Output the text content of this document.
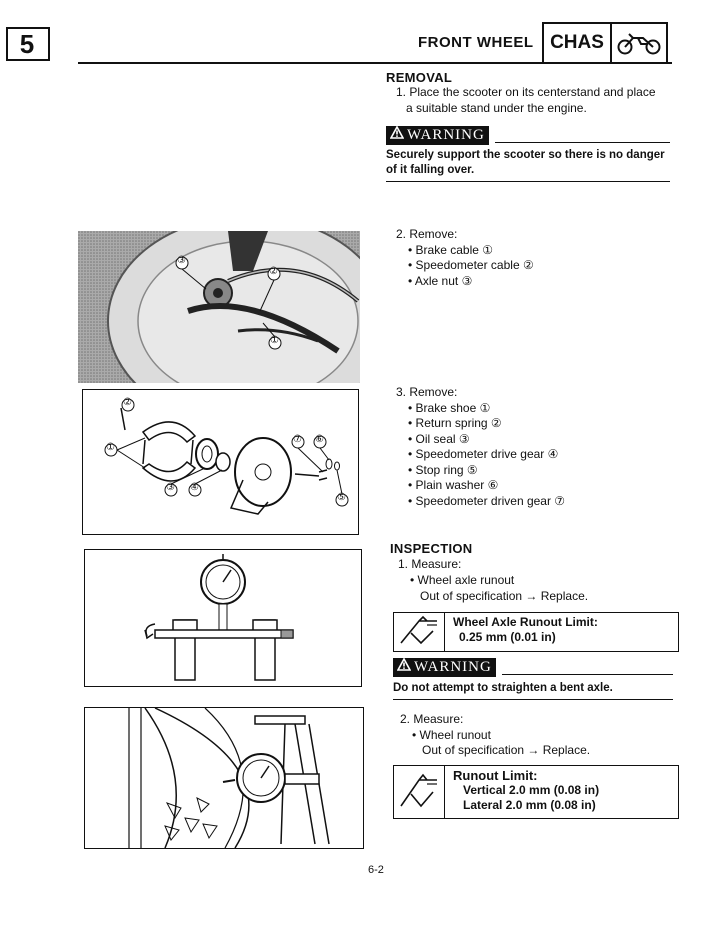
5	FRONT WHEEL CHAS
REMOVAL
1. Place the scooter on its centerstand and place
a suitable stand under the engine.
WARNING
Securely support the scooter so there is no danger
of it falling over.
③
②
①
2. Remove:
• Brake cable ①
• Speedometer cable ②
• Axle nut ③
②
①
③ ④
⑦ ⑥
⑤
3. Remove:
• Brake shoe ①
• Return spring ②
• Oil seal ③
• Speedometer drive gear ④
• Stop ring ⑤
• Plain washer ⑥
• Speedometer driven gear ⑦
INSPECTION
1. Measure:
• Wheel axle runout
Out of specification → Replace.
Wheel Axle Runout Limit:
0.25 mm (0.01 in)
WARNING
Do not attempt to straighten a bent axle.
2. Measure:
• Wheel runout
Out of specification → Replace.
Runout Limit:
Vertical 2.0 mm (0.08 in)
Lateral 2.0 mm (0.08 in)
6-2
